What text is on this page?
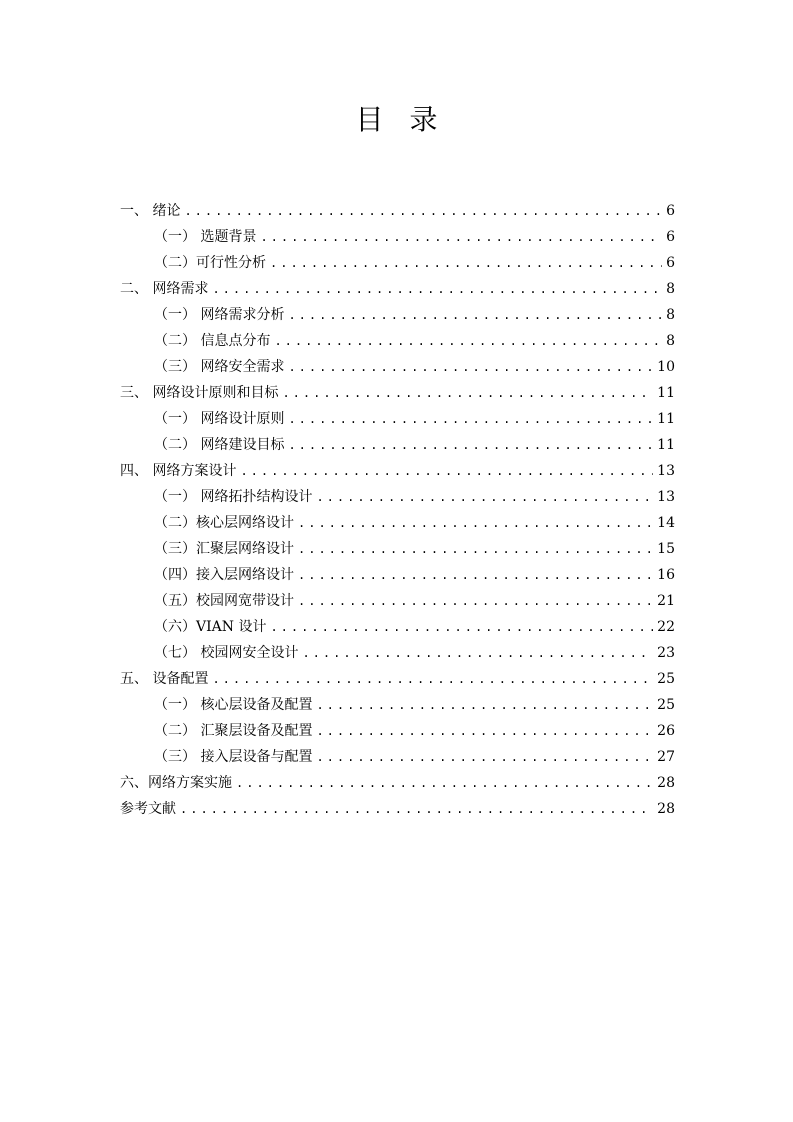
目录
一、 绪论 .....	6
（一） 选题背景 .....	6
（二）可行性分析 .....	6
二、 网络需求 .....	8
（一） 网络需求分析 .....	8
（二） 信息点分布 .....	8
（三） 网络安全需求 .....	10
三、 网络设计原则和目标 .....	11
（一） 网络设计原则 .....	11
（二） 网络建设目标 .....	11
四、 网络方案设计 .....	13
（一） 网络拓扑结构设计 .....	13
（二）核心层网络设计 .....	14
（三）汇聚层网络设计 .....	15
（四）接入层网络设计 .....	16
（五）校园网宽带设计 .....	21
（六）VIAN 设计 .....	22
（七） 校园网安全设计 .....	23
五、 设备配置 .....	25
（一） 核心层设备及配置 .....	25
（二） 汇聚层设备及配置 .....	26
（三） 接入层设备与配置 .....	27
六、网络方案实施 .....	28
参考文献 .....	28
